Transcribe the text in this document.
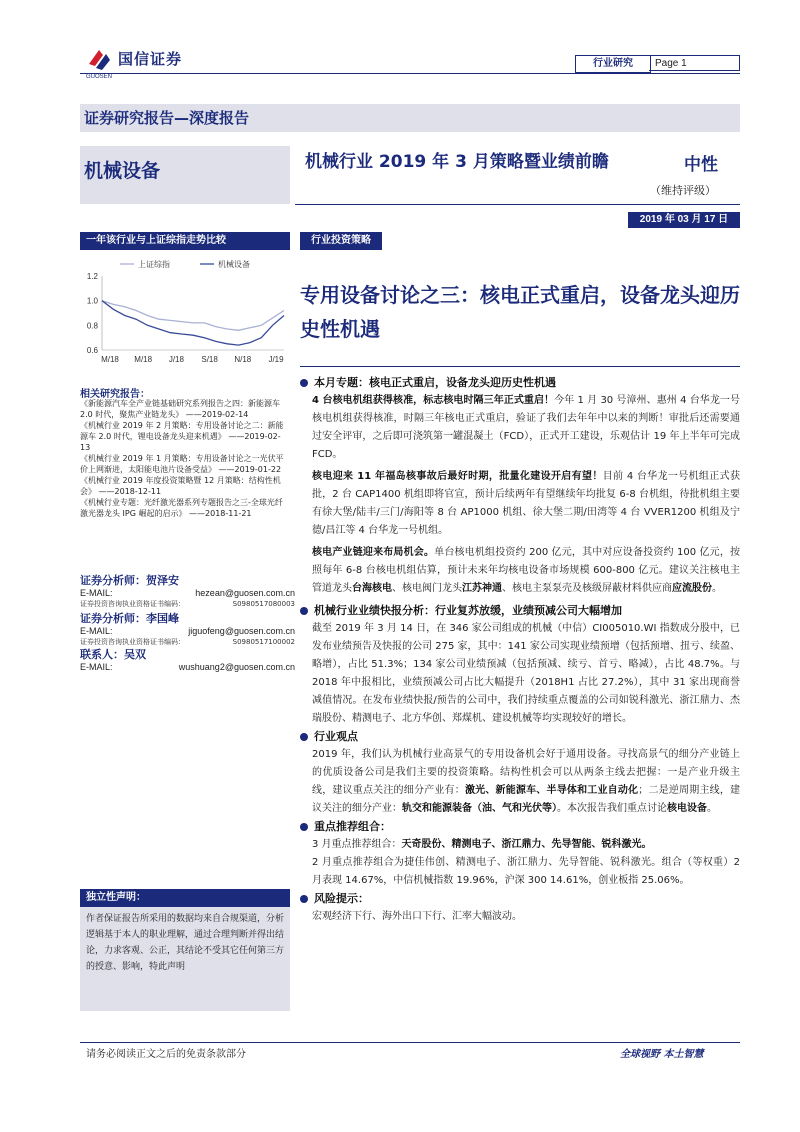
国信证券
GUOSEN
行业研究	Page 1
证券研究报告—深度报告
机械设备	机械行业 2019 年 3 月策略暨业绩前瞻	中性
（维持评级）
2019 年 03 月 17 日
一年该行业与上证综指走势比较
1.2
1.0
0.8
0.6
M/18 M/18 J/18 S/18 N/18 J/19
上证综指	机械设备
相关研究报告：
《新能源汽车全产业链基础研究系列报告之四：新能源车 2.0 时代，聚焦产业链龙头》 ——2019-02-14
《机械行业 2019 年 2 月策略：专用设备讨论之二：新能源车 2.0 时代，锂电设备龙头迎来机遇》 ——2019-02-13
《机械行业 2019 年 1 月策略：专用设备讨论之一光伏平价上网渐进，太阳能电池片设备受益》 ——2019-01-22
《机械行业 2019 年度投资策略暨 12 月策略：结构性机会》 ——2018-12-11
《机械行业专题：光纤激光器系列专题报告之三-全球光纤激光器龙头 IPG 崛起的启示》 ——2018-11-21
证券分析师：贺泽安
E-MAIL:	hezean@guosen.com.cn
证券投资咨询执业资格证书编码：	S0980517080003
证券分析师：李国峰
E-MAIL:	jiguofeng@guosen.com.cn
证券投资咨询执业资格证书编码：	S0980517100002
联系人：吴双
E-MAIL:	wushuang2@guosen.com.cn
独立性声明：
作者保证报告所采用的数据均来自合规渠道，分析逻辑基于本人的职业理解，通过合理判断并得出结论，力求客观、公正，其结论不受其它任何第三方的授意、影响，特此声明
行业投资策略
专用设备讨论之三：核电正式重启，设备龙头迎历史性机遇
本月专题：核电正式重启，设备龙头迎历史性机遇
4 台核电机组获得核准，标志核电时隔三年正式重启！今年 1 月 30 号漳州、惠州 4 台华龙一号核电机组获得核准，时隔三年核电正式重启，验证了我们去年年中以来的判断！审批后还需要通过安全评审，之后即可浇筑第一罐混凝土（FCD），正式开工建设，乐观估计 19 年上半年可完成 FCD。
核电迎来 11 年福岛核事故后最好时期，批量化建设开启有望！目前 4 台华龙一号机组正式获批，2 台 CAP1400 机组即将官宣，预计后续两年有望继续年均批复 6-8 台机组，待批机组主要有徐大堡/陆丰/三门/海阳等 8 台 AP1000 机组、徐大堡二期/田湾等 4 台 VVER1200 机组及宁德/昌江等 4 台华龙一号机组。
核电产业链迎来布局机会。单台核电机组投资约 200 亿元，其中对应设备投资约 100 亿元，按照每年 6-8 台核电机组估算，预计未来年均核电设备市场规模 600-800 亿元。建议关注核电主管道龙头台海核电、核电阀门龙头江苏神通、核电主泵泵壳及核级屏蔽材料供应商应流股份。
机械行业业绩快报分析：行业复苏放缓，业绩预减公司大幅增加
截至 2019 年 3 月 14 日，在 346 家公司组成的机械（中信）CI005010.WI 指数成分股中，已发布业绩预告及快报的公司 275 家，其中：141 家公司实现业绩预增（包括预增、扭亏、续盈、略增），占比 51.3%；134 家公司业绩预减（包括预减、续亏、首亏、略减），占比 48.7%。与 2018 年中报相比，业绩预减公司占比大幅提升（2018H1 占比 27.2%），其中 31 家出现商誉减值情况。在发布业绩快报/预告的公司中，我们持续重点覆盖的公司如锐科激光、浙江鼎力、杰瑞股份、精测电子、北方华创、郑煤机、建设机械等均实现较好的增长。
行业观点
2019 年，我们认为机械行业高景气的专用设备机会好于通用设备。寻找高景气的细分产业链上的优质设备公司是我们主要的投资策略。结构性机会可以从两条主线去把握：一是产业升级主线，建议重点关注的细分产业有：激光、新能源车、半导体和工业自动化；二是逆周期主线，建议关注的细分产业：轨交和能源装备（油、气和光伏等）。本次报告我们重点讨论核电设备。
重点推荐组合：
3 月重点推荐组合：天奇股份、精测电子、浙江鼎力、先导智能、锐科激光。
2 月重点推荐组合为捷佳伟创、精测电子、浙江鼎力、先导智能、锐科激光。组合（等权重）2 月表现 14.67%，中信机械指数 19.96%，沪深 300 14.61%，创业板指 25.06%。
风险提示：
宏观经济下行、海外出口下行、汇率大幅波动。
请务必阅读正文之后的免责条款部分	全球视野 本土智慧
